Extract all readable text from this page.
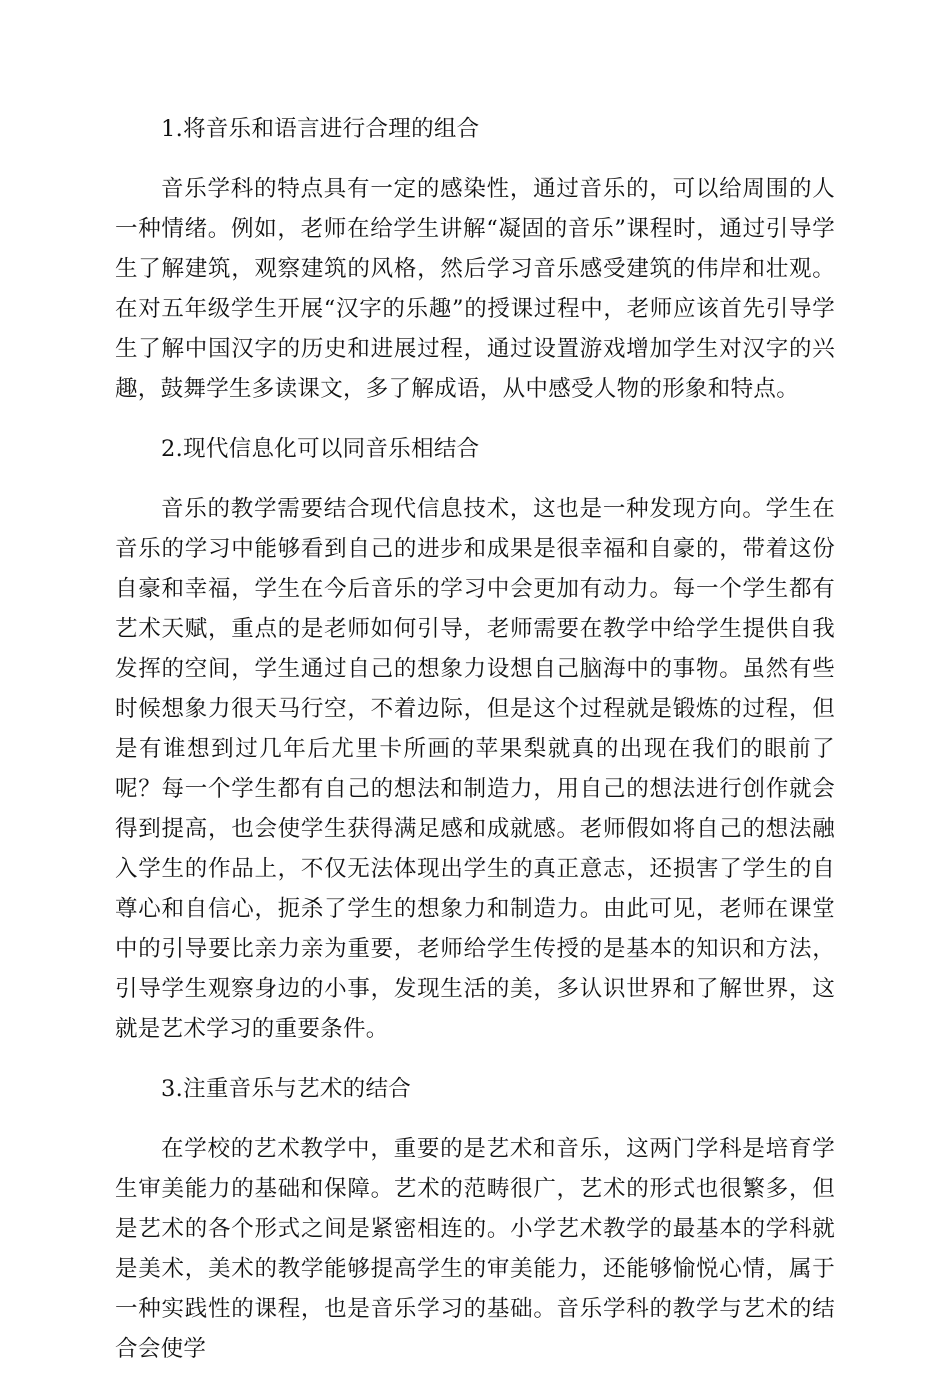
1.将音乐和语言进行合理的组合

音乐学科的特点具有一定的感染性，通过音乐的，可以给周围的人一种情绪。例如，老师在给学生讲解“凝固的音乐”课程时，通过引导学生了解建筑，观察建筑的风格，然后学习音乐感受建筑的伟岸和壮观。在对五年级学生开展“汉字的乐趣”的授课过程中，老师应该首先引导学生了解中国汉字的历史和进展过程，通过设置游戏增加学生对汉字的兴趣，鼓舞学生多读课文，多了解成语，从中感受人物的形象和特点。

2.现代信息化可以同音乐相结合

音乐的教学需要结合现代信息技术，这也是一种发现方向。学生在音乐的学习中能够看到自己的进步和成果是很幸福和自豪的，带着这份自豪和幸福，学生在今后音乐的学习中会更加有动力。每一个学生都有艺术天赋，重点的是老师如何引导，老师需要在教学中给学生提供自我发挥的空间，学生通过自己的想象力设想自己脑海中的事物。虽然有些时候想象力很天马行空，不着边际，但是这个过程就是锻炼的过程，但是有谁想到过几年后尤里卡所画的苹果梨就真的出现在我们的眼前了呢？每一个学生都有自己的想法和制造力，用自己的想法进行创作就会得到提高，也会使学生获得满足感和成就感。老师假如将自己的想法融入学生的作品上，不仅无法体现出学生的真正意志，还损害了学生的自尊心和自信心，扼杀了学生的想象力和制造力。由此可见，老师在课堂中的引导要比亲力亲为重要，老师给学生传授的是基本的知识和方法，引导学生观察身边的小事，发现生活的美，多认识世界和了解世界，这就是艺术学习的重要条件。

3.注重音乐与艺术的结合

在学校的艺术教学中，重要的是艺术和音乐，这两门学科是培育学生审美能力的基础和保障。艺术的范畴很广，艺术的形式也很繁多，但是艺术的各个形式之间是紧密相连的。小学艺术教学的最基本的学科就是美术，美术的教学能够提高学生的审美能力，还能够愉悦心情，属于一种实践性的课程，也是音乐学习的基础。音乐学科的教学与艺术的结合会使学
